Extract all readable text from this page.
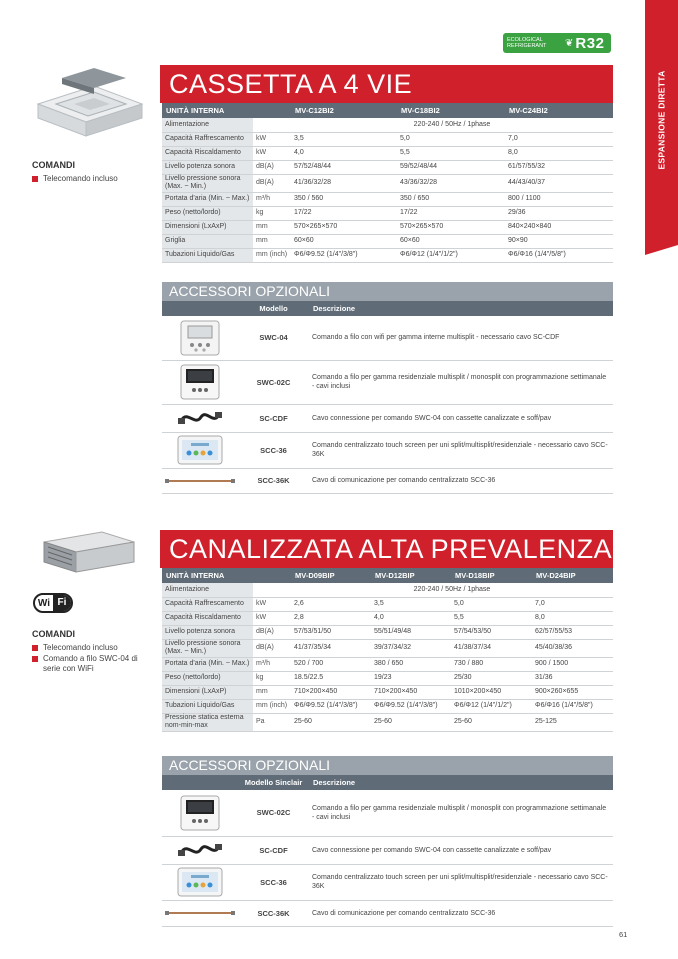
ECOLOGICAL
REFRIGERANT	❦ R32
ESPANSIONE DIRETTA
COMANDI
Telecomando incluso
CASSETTA A 4 VIE
UNITÀ INTERNA		MV-C12BI2	MV-C18BI2	MV-C24BI2
Alimentazione		220-240 / 50Hz / 1phase		
Capacità Raffrescamento	kW	3,5	5,0	7,0
Capacità Riscaldamento	kW	4,0	5,5	8,0
Livello potenza sonora	dB(A)	57/52/48/44	59/52/48/44	61/57/55/32
Livello pressione sonora (Max. ~ Min.)	dB(A)	41/36/32/28	43/36/32/28	44/43/40/37
Portata d'aria (Min. ~ Max.)	m³/h	350 / 560	350 / 650	800 / 1100
Peso (netto/lordo)	kg	17/22	17/22	29/36
Dimensioni (LxAxP)	mm	570×265×570	570×265×570	840×240×840
Griglia	mm	60×60	60×60	90×90
Tubazioni Liquido/Gas	mm (inch)	Φ6/Φ9.52 (1/4"/3/8")	Φ6/Φ12 (1/4"/1/2")	Φ6/Φ16 (1/4"/5/8")
ACCESSORI OPZIONALI
	Modello	Descrizione
	SWC-04	Comando a filo con wifi per gamma interne multisplit - necessario cavo SC-CDF
	SWC-02C	Comando a filo per gamma residenziale multisplit / monosplit con programmazione settimanale - cavi inclusi
	SC-CDF	Cavo connessione per comando SWC-04 con cassette canalizzate e soff/pav
	SCC-36	Comando centralizzato touch screen per uni split/multisplit/residenziale - necessario cavo SCC-36K
	SCC-36K	Cavo di comunicazione per comando centralizzato SCC-36
Wi Fi
COMANDI
Telecomando incluso
Comando a filo SWC-04 di serie con WiFi
CANALIZZATA ALTA PREVALENZA
UNITÀ INTERNA		MV-D09BIP	MV-D12BIP	MV-D18BIP	MV-D24BIP
Alimentazione		220-240 / 50Hz / 1phase			
Capacità Raffrescamento	kW	2,6	3,5	5,0	7,0
Capacità Riscaldamento	kW	2,8	4,0	5,5	8,0
Livello potenza sonora	dB(A)	57/53/51/50	55/51/49/48	57/54/53/50	62/57/55/53
Livello pressione sonora (Max. ~ Min.)	dB(A)	41/37/35/34	39/37/34/32	41/38/37/34	45/40/38/36
Portata d'aria (Min. ~ Max.)	m³/h	520 / 700	380 / 650	730 / 880	900 / 1500
Peso (netto/lordo)	kg	18.5/22.5	19/23	25/30	31/36
Dimensioni (LxAxP)	mm	710×200×450	710×200×450	1010×200×450	900×260×655
Tubazioni Liquido/Gas	mm (inch)	Φ6/Φ9.52 (1/4"/3/8")	Φ6/Φ9.52 (1/4"/3/8")	Φ6/Φ12 (1/4"/1/2")	Φ6/Φ16 (1/4"/5/8")
Pressione statica esterna nom-min-max	Pa	25-60	25-60	25-60	25-125
ACCESSORI OPZIONALI
	Modello Sinclair	Descrizione
	SWC-02C	Comando a filo per gamma residenziale multisplit / monosplit con programmazione settimanale - cavi inclusi
	SC-CDF	Cavo connessione per comando SWC-04 con cassette canalizzate e soff/pav
	SCC-36	Comando centralizzato touch screen per uni split/multisplit/residenziale - necessario cavo SCC-36K
	SCC-36K	Cavo di comunicazione per comando centralizzato SCC-36
61
